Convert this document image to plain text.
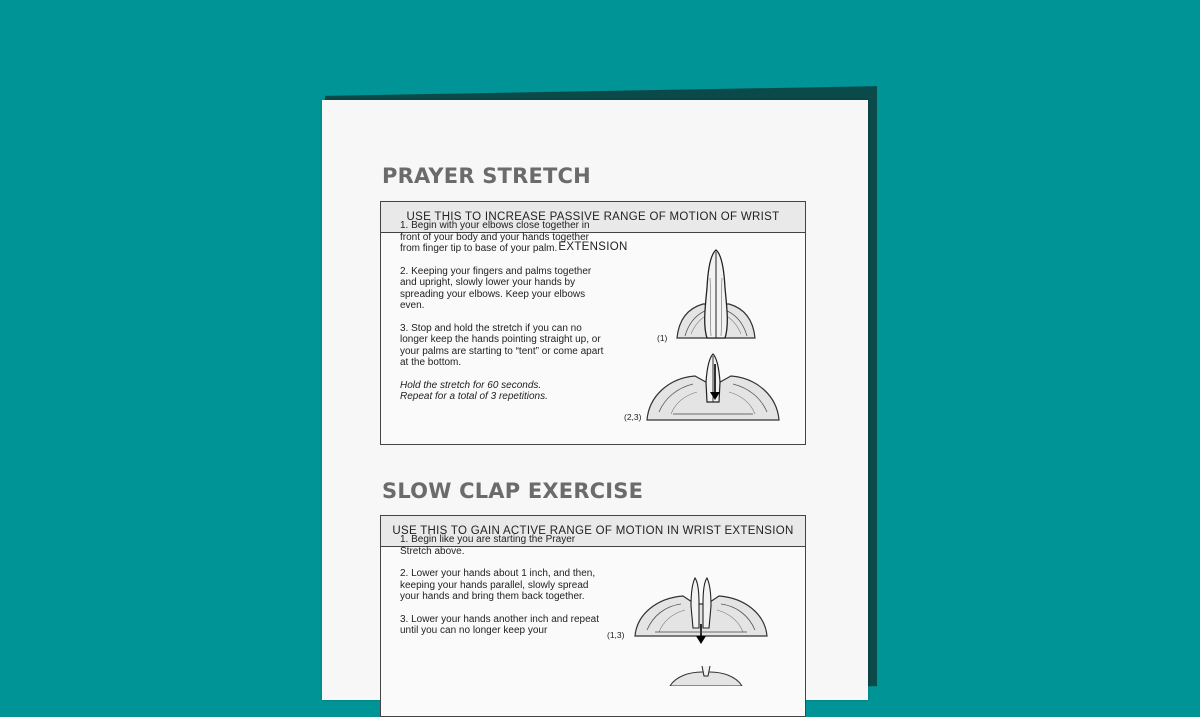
PRAYER STRETCH
USE THIS TO INCREASE PASSIVE RANGE OF MOTION OF WRIST EXTENSION

1. Begin with your elbows close together in front of your body and your hands together from finger tip to base of your palm.

2. Keeping your fingers and palms together and upright, slowly lower your hands by spreading your elbows. Keep your elbows even.

3. Stop and hold the stretch if you can no longer keep the hands pointing straight up, or your palms are starting to “tent” or come apart at the bottom.

Hold the stretch for 60 seconds.
Repeat for a total of 3 repetitions.

(1)
(2,3)
SLOW CLAP EXERCISE
USE THIS TO GAIN ACTIVE RANGE OF MOTION IN WRIST EXTENSION

1. Begin like you are starting the Prayer Stretch above.

2. Lower your hands about 1 inch, and then, keeping your hands parallel, slowly spread your hands and bring them back together.

3. Lower your hands another inch and repeat until you can no longer keep your	(1,3)
